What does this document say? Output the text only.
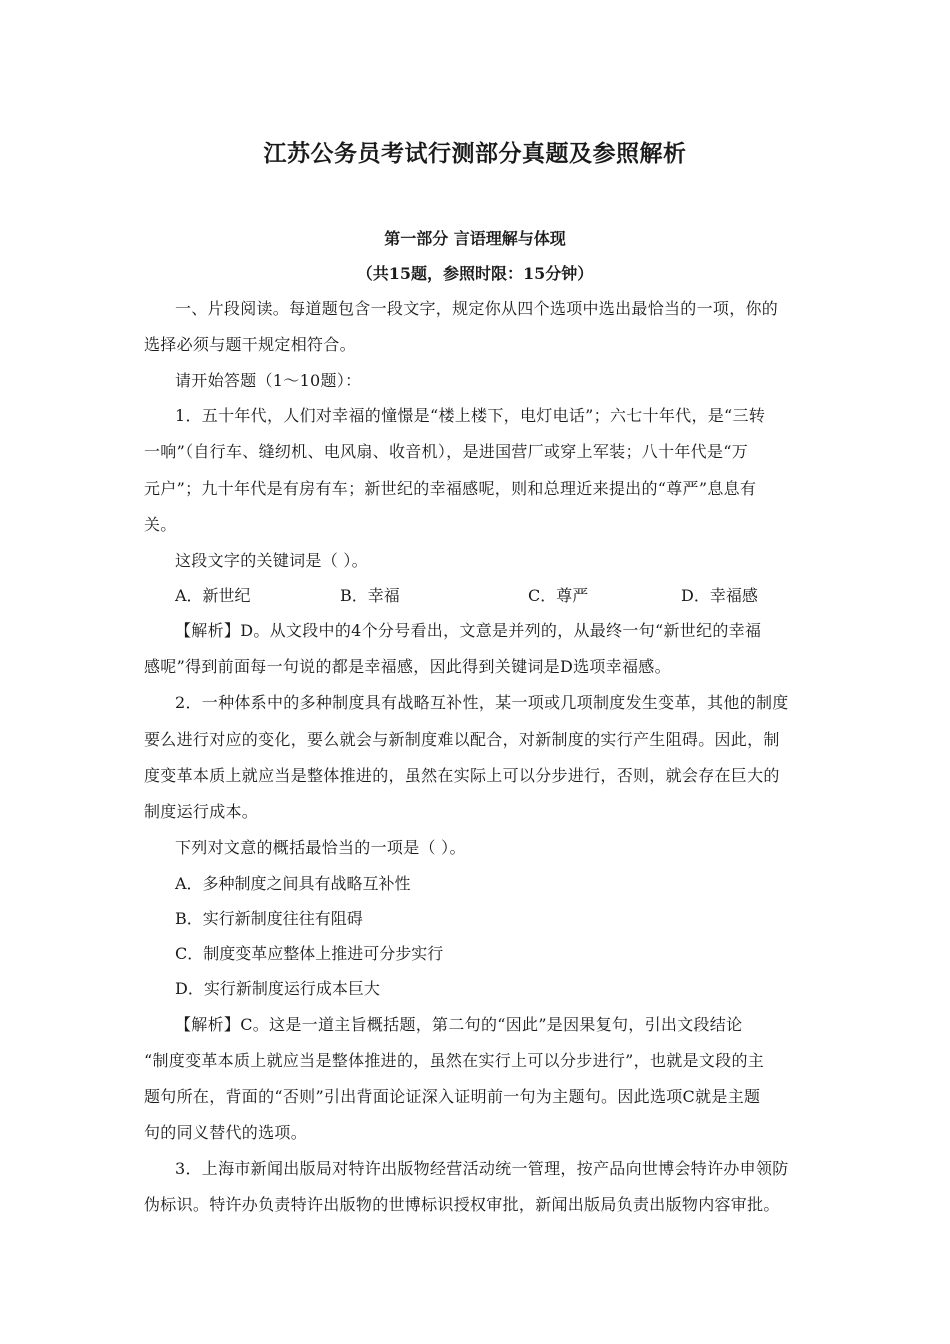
江苏公务员考试行测部分真题及参照解析
第一部分 言语理解与体现
（共15题，参照时限：15分钟）
一、片段阅读。每道题包含一段文字，规定你从四个选项中选出最恰当的一项，你的
选择必须与题干规定相符合。
请开始答题（1～10题）：
1．五十年代，人们对幸福的憧憬是“楼上楼下，电灯电话”；六七十年代，是“三转
一响”（自行车、缝纫机、电风扇、收音机），是进国营厂或穿上军装；八十年代是“万
元户”；九十年代是有房有车；新世纪的幸福感呢，则和总理近来提出的“尊严”息息有
关。
这段文字的关键词是（ ）。
A．新世纪	B．幸福	C．尊严	D．幸福感
【解析】D。从文段中的4个分号看出，文意是并列的，从最终一句“新世纪的幸福
感呢”得到前面每一句说的都是幸福感，因此得到关键词是D选项幸福感。
2．一种体系中的多种制度具有战略互补性，某一项或几项制度发生变革，其他的制度
要么进行对应的变化，要么就会与新制度难以配合，对新制度的实行产生阻碍。因此，制
度变革本质上就应当是整体推进的，虽然在实际上可以分步进行，否则，就会存在巨大的
制度运行成本。
下列对文意的概括最恰当的一项是（ ）。
A．多种制度之间具有战略互补性
B．实行新制度往往有阻碍
C．制度变革应整体上推进可分步实行
D．实行新制度运行成本巨大
【解析】C。这是一道主旨概括题，第二句的“因此”是因果复句，引出文段结论
“制度变革本质上就应当是整体推进的，虽然在实行上可以分步进行”，也就是文段的主
题句所在，背面的“否则”引出背面论证深入证明前一句为主题句。因此选项C就是主题
句的同义替代的选项。
3．上海市新闻出版局对特许出版物经营活动统一管理，按产品向世博会特许办申领防
伪标识。特许办负责特许出版物的世博标识授权审批，新闻出版局负责出版物内容审批。
